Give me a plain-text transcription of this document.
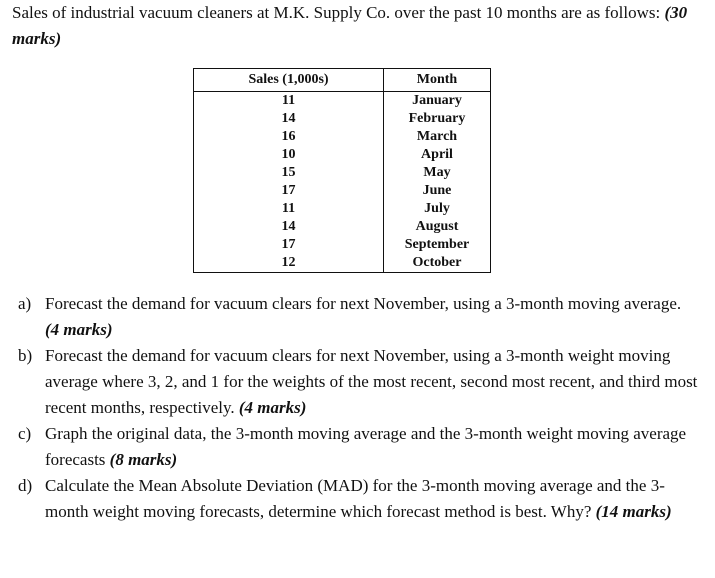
Sales of industrial vacuum cleaners at M.K. Supply Co. over the past 10 months are as follows: (30 marks)
Sales (1,000s)	Month
11	January
14	February
16	March
10	April
15	May
17	June
11	July
14	August
17	September
12	October
a) Forecast the demand for vacuum clears for next November, using a 3-month moving average. (4 marks)
b) Forecast the demand for vacuum clears for next November, using a 3-month weight moving average where 3, 2, and 1 for the weights of the most recent, second most recent, and third most recent months, respectively. (4 marks)
c) Graph the original data, the 3-month moving average and the 3-month weight moving average forecasts (8 marks)
d) Calculate the Mean Absolute Deviation (MAD) for the 3-month moving average and the 3-month weight moving forecasts, determine which forecast method is best. Why? (14 marks)
